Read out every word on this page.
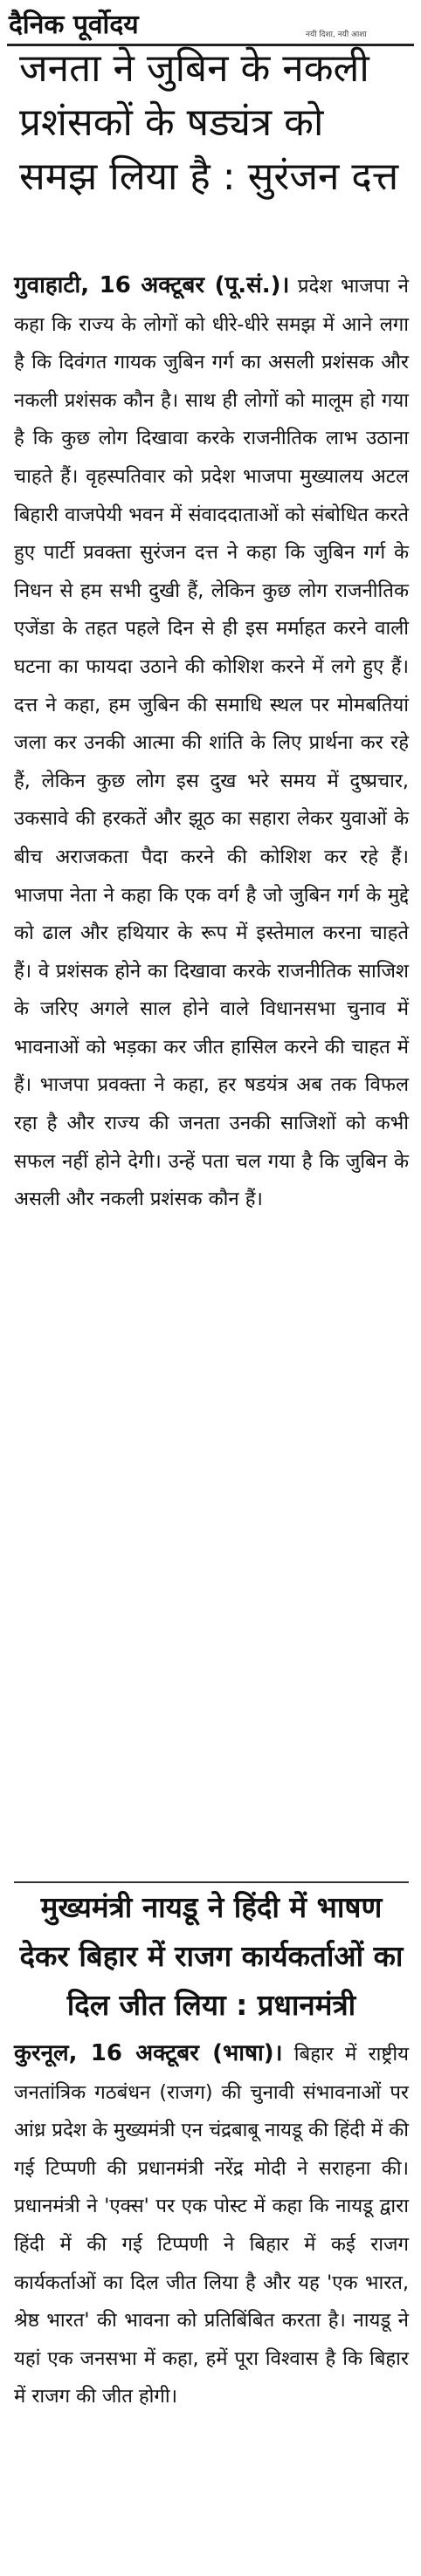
दैनिक पूर्वोदय	नयी दिशा, नयी आशा
जनता ने जुबिन के नकली प्रशंसकों के षड्यंत्र को समझ लिया है : सुरंजन दत्त
गुवाहाटी, 16 अक्टूबर (पू.सं.)। प्रदेश भाजपा ने कहा कि राज्य के लोगों को धीरे-धीरे समझ में आने लगा है कि दिवंगत गायक जुबिन गर्ग का असली प्रशंसक और नकली प्रशंसक कौन है। साथ ही लोगों को मालूम हो गया है कि कुछ लोग दिखावा करके राजनीतिक लाभ उठाना चाहते हैं। वृहस्पतिवार को प्रदेश भाजपा मुख्यालय अटल बिहारी वाजपेयी भवन में संवाददाताओं को संबोधित करते हुए पार्टी प्रवक्ता सुरंजन दत्त ने कहा कि जुबिन गर्ग के निधन से हम सभी दुखी हैं, लेकिन कुछ लोग राजनीतिक एजेंडा के तहत पहले दिन से ही इस मर्माहत करने वाली घटना का फायदा उठाने की कोशिश करने में लगे हुए हैं। दत्त ने कहा, हम जुबिन की समाधि स्थल पर मोमबतियां जला कर उनकी आत्मा की शांति के लिए प्रार्थना कर रहे हैं, लेकिन कुछ लोग इस दुख भरे समय में दुष्प्रचार, उकसावे की हरकतें और झूठ का सहारा लेकर युवाओं के बीच अराजकता पैदा करने की कोशिश कर रहे हैं। भाजपा नेता ने कहा कि एक वर्ग है जो जुबिन गर्ग के मुद्दे को ढाल और हथियार के रूप में इस्तेमाल करना चाहते हैं। वे प्रशंसक होने का दिखावा करके राजनीतिक साजिश के जरिए अगले साल होने वाले विधानसभा चुनाव में भावनाओं को भड़का कर जीत हासिल करने की चाहत में हैं। भाजपा प्रवक्ता ने कहा, हर षडयंत्र अब तक विफल रहा है और राज्य की जनता उनकी साजिशों को कभी सफल नहीं होने देगी। उन्हें पता चल गया है कि जुबिन के असली और नकली प्रशंसक कौन हैं।
मुख्यमंत्री नायडू ने हिंदी में भाषण देकर बिहार में राजग कार्यकर्ताओं का दिल जीत लिया : प्रधानमंत्री
कुरनूल, 16 अक्टूबर (भाषा)। बिहार में राष्ट्रीय जनतांत्रिक गठबंधन (राजग) की चुनावी संभावनाओं पर आंध्र प्रदेश के मुख्यमंत्री एन चंद्रबाबू नायडू की हिंदी में की गई टिप्पणी की प्रधानमंत्री नरेंद्र मोदी ने सराहना की। प्रधानमंत्री ने 'एक्स' पर एक पोस्ट में कहा कि नायडू द्वारा हिंदी में की गई टिप्पणी ने बिहार में कई राजग कार्यकर्ताओं का दिल जीत लिया है और यह 'एक भारत, श्रेष्ठ भारत' की भावना को प्रतिबिंबित करता है। नायडू ने यहां एक जनसभा में कहा, हमें पूरा विश्वास है कि बिहार में राजग की जीत होगी।
